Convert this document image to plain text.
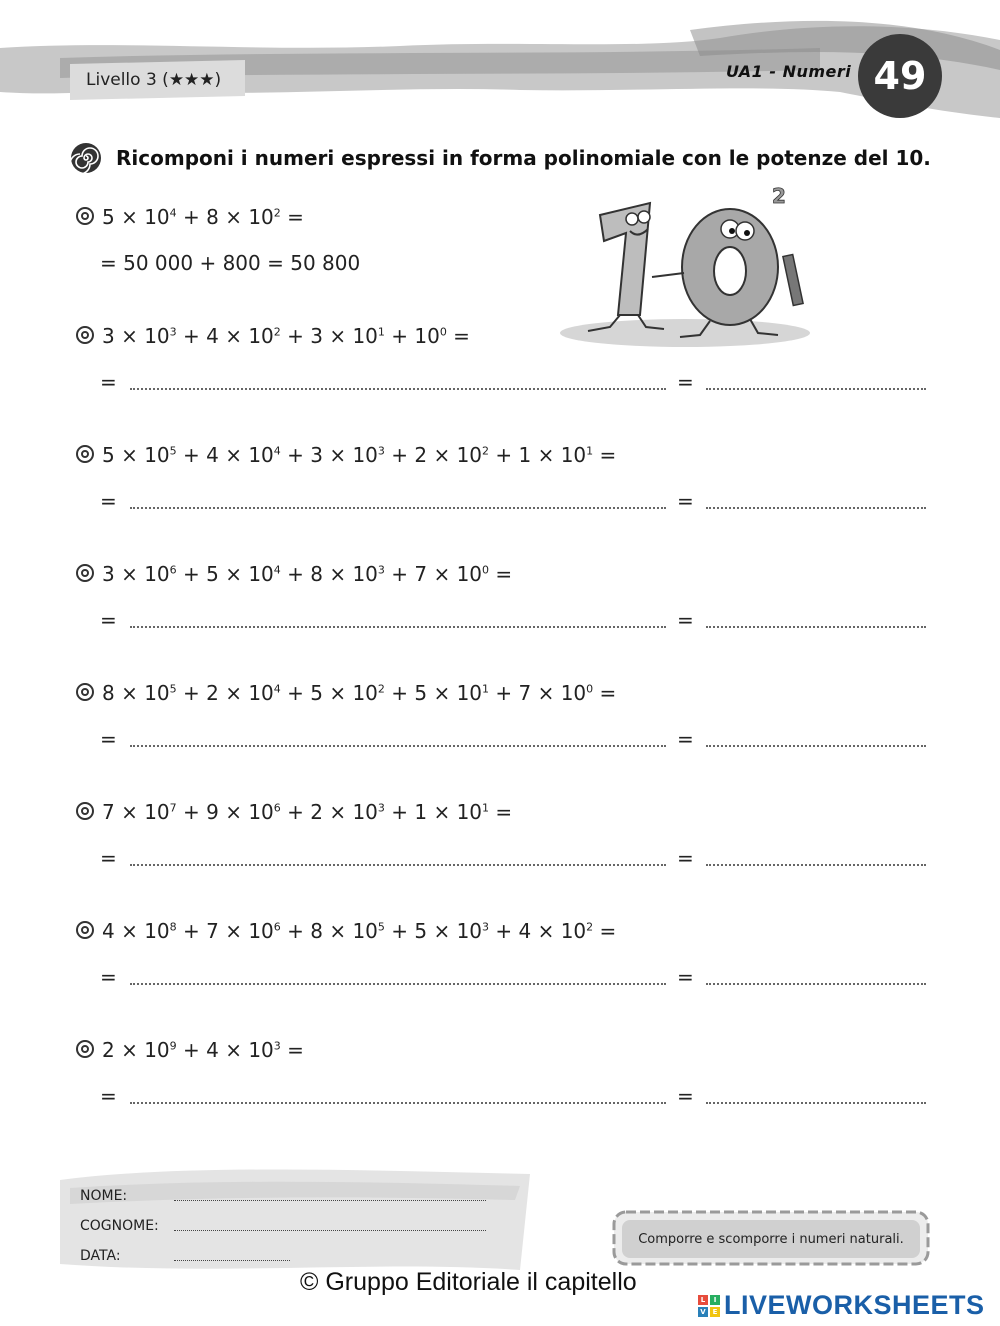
Livello 3 (★★★)	UA1 - Numeri 49
Ricomponi i numeri espressi in forma polinomiale con le potenze del 10.
$5 \times 10^4 + 8 \times 10^2$ =
= 50 000 + 800 = 50 800
2
$3 \times 10^3 + 4 \times 10^2 + 3 \times 10^1 + 10^0$ =
=	=
$5 \times 10^5 + 4 \times 10^4 + 3 \times 10^3 + 2 \times 10^2 + 1 \times 10^1$ =
=	=
$3 \times 10^6 + 5 \times 10^4 + 8 \times 10^3 + 7 \times 10^0$ =
=	=
$8 \times 10^5 + 2 \times 10^4 + 5 \times 10^2 + 5 \times 10^1 + 7 \times 10^0$ =
=	=
$7 \times 10^7 + 9 \times 10^6 + 2 \times 10^3 + 1 \times 10^1$ =
=	=
$4 \times 10^8 + 7 \times 10^6 + 8 \times 10^5 + 5 \times 10^3 + 4 \times 10^2$ =
=	=
$2 \times 10^9 + 4 \times 10^3$ =
=	=
NOME:
COGNOME:
DATA:
Comporre e scomporre i numeri naturali.
© Gruppo Editoriale il capitello
L	I
V E LIVEWORKSHEETS
